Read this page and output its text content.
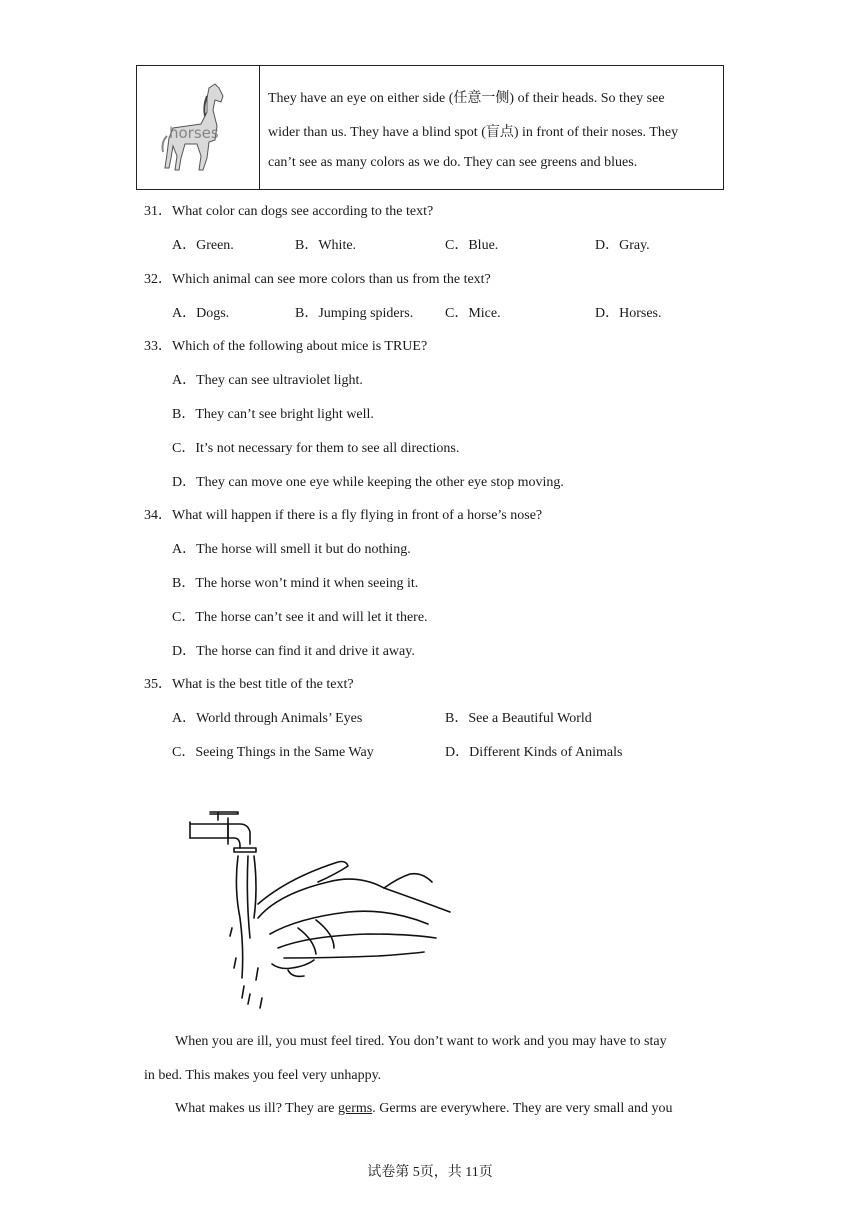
horses
They have an eye on either side (任意一侧) of their heads. So they see
wider than us. They have a blind spot (盲点) in front of their noses. They
can’t see as many colors as we do. They can see greens and blues.
31．What color can dogs see according to the text?
A．Green.	B．White.	C．Blue.	D．Gray.
32．Which animal can see more colors than us from the text?
A．Dogs.	B．Jumping spiders. C．Mice.	D．Horses.
33．Which of the following about mice is TRUE?
A．They can see ultraviolet light.
B．They can’t see bright light well.
C．It’s not necessary for them to see all directions.
D．They can move one eye while keeping the other eye stop moving.
34．What will happen if there is a fly flying in front of a horse’s nose?
A．The horse will smell it but do nothing.
B．The horse won’t mind it when seeing it.
C．The horse can’t see it and will let it there.
D．The horse can find it and drive it away.
35．What is the best title of the text?
A．World through Animals’ Eyes	B．See a Beautiful World
C．Seeing Things in the Same Way	D．Different Kinds of Animals
When you are ill, you must feel tired. You don’t want to work and you may have to stay
in bed. This makes you feel very unhappy.
What makes us ill? They are germs. Germs are everywhere. They are very small and you
试卷第 5页，共 11页
